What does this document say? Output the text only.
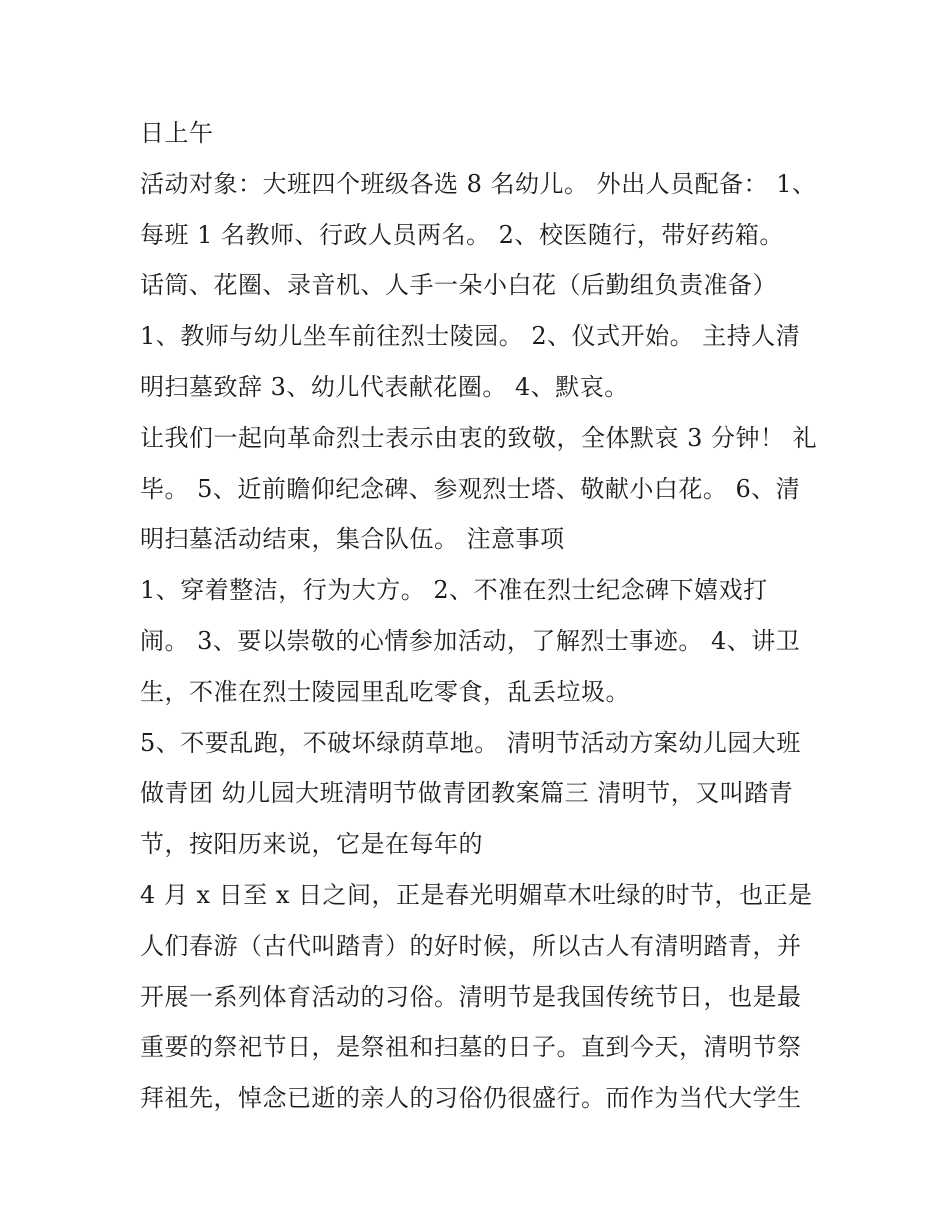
日上午
活动对象：大班四个班级各选 8 名幼儿。 外出人员配备： 1、
每班 1 名教师、行政人员两名。 2、校医随行，带好药箱。
话筒、花圈、录音机、人手一朵小白花（后勤组负责准备）
1、教师与幼儿坐车前往烈士陵园。 2、仪式开始。 主持人清
明扫墓致辞 3、幼儿代表献花圈。 4、默哀。
让我们一起向革命烈士表示由衷的致敬，全体默哀 3 分钟！ 礼
毕。 5、近前瞻仰纪念碑、参观烈士塔、敬献小白花。 6、清
明扫墓活动结束，集合队伍。 注意事项
1、穿着整洁，行为大方。 2、不准在烈士纪念碑下嬉戏打
闹。 3、要以崇敬的心情参加活动，了解烈士事迹。 4、讲卫
生，不准在烈士陵园里乱吃零食，乱丢垃圾。
5、不要乱跑，不破坏绿荫草地。 清明节活动方案幼儿园大班
做青团 幼儿园大班清明节做青团教案篇三 清明节，又叫踏青
节，按阳历来说，它是在每年的
4 月 x 日至 x 日之间，正是春光明媚草木吐绿的时节，也正是
人们春游（古代叫踏青）的好时候，所以古人有清明踏青，并
开展一系列体育活动的习俗。清明节是我国传统节日，也是最
重要的祭祀节日，是祭祖和扫墓的日子。直到今天，清明节祭
拜祖先，悼念已逝的亲人的习俗仍很盛行。而作为当代大学生
